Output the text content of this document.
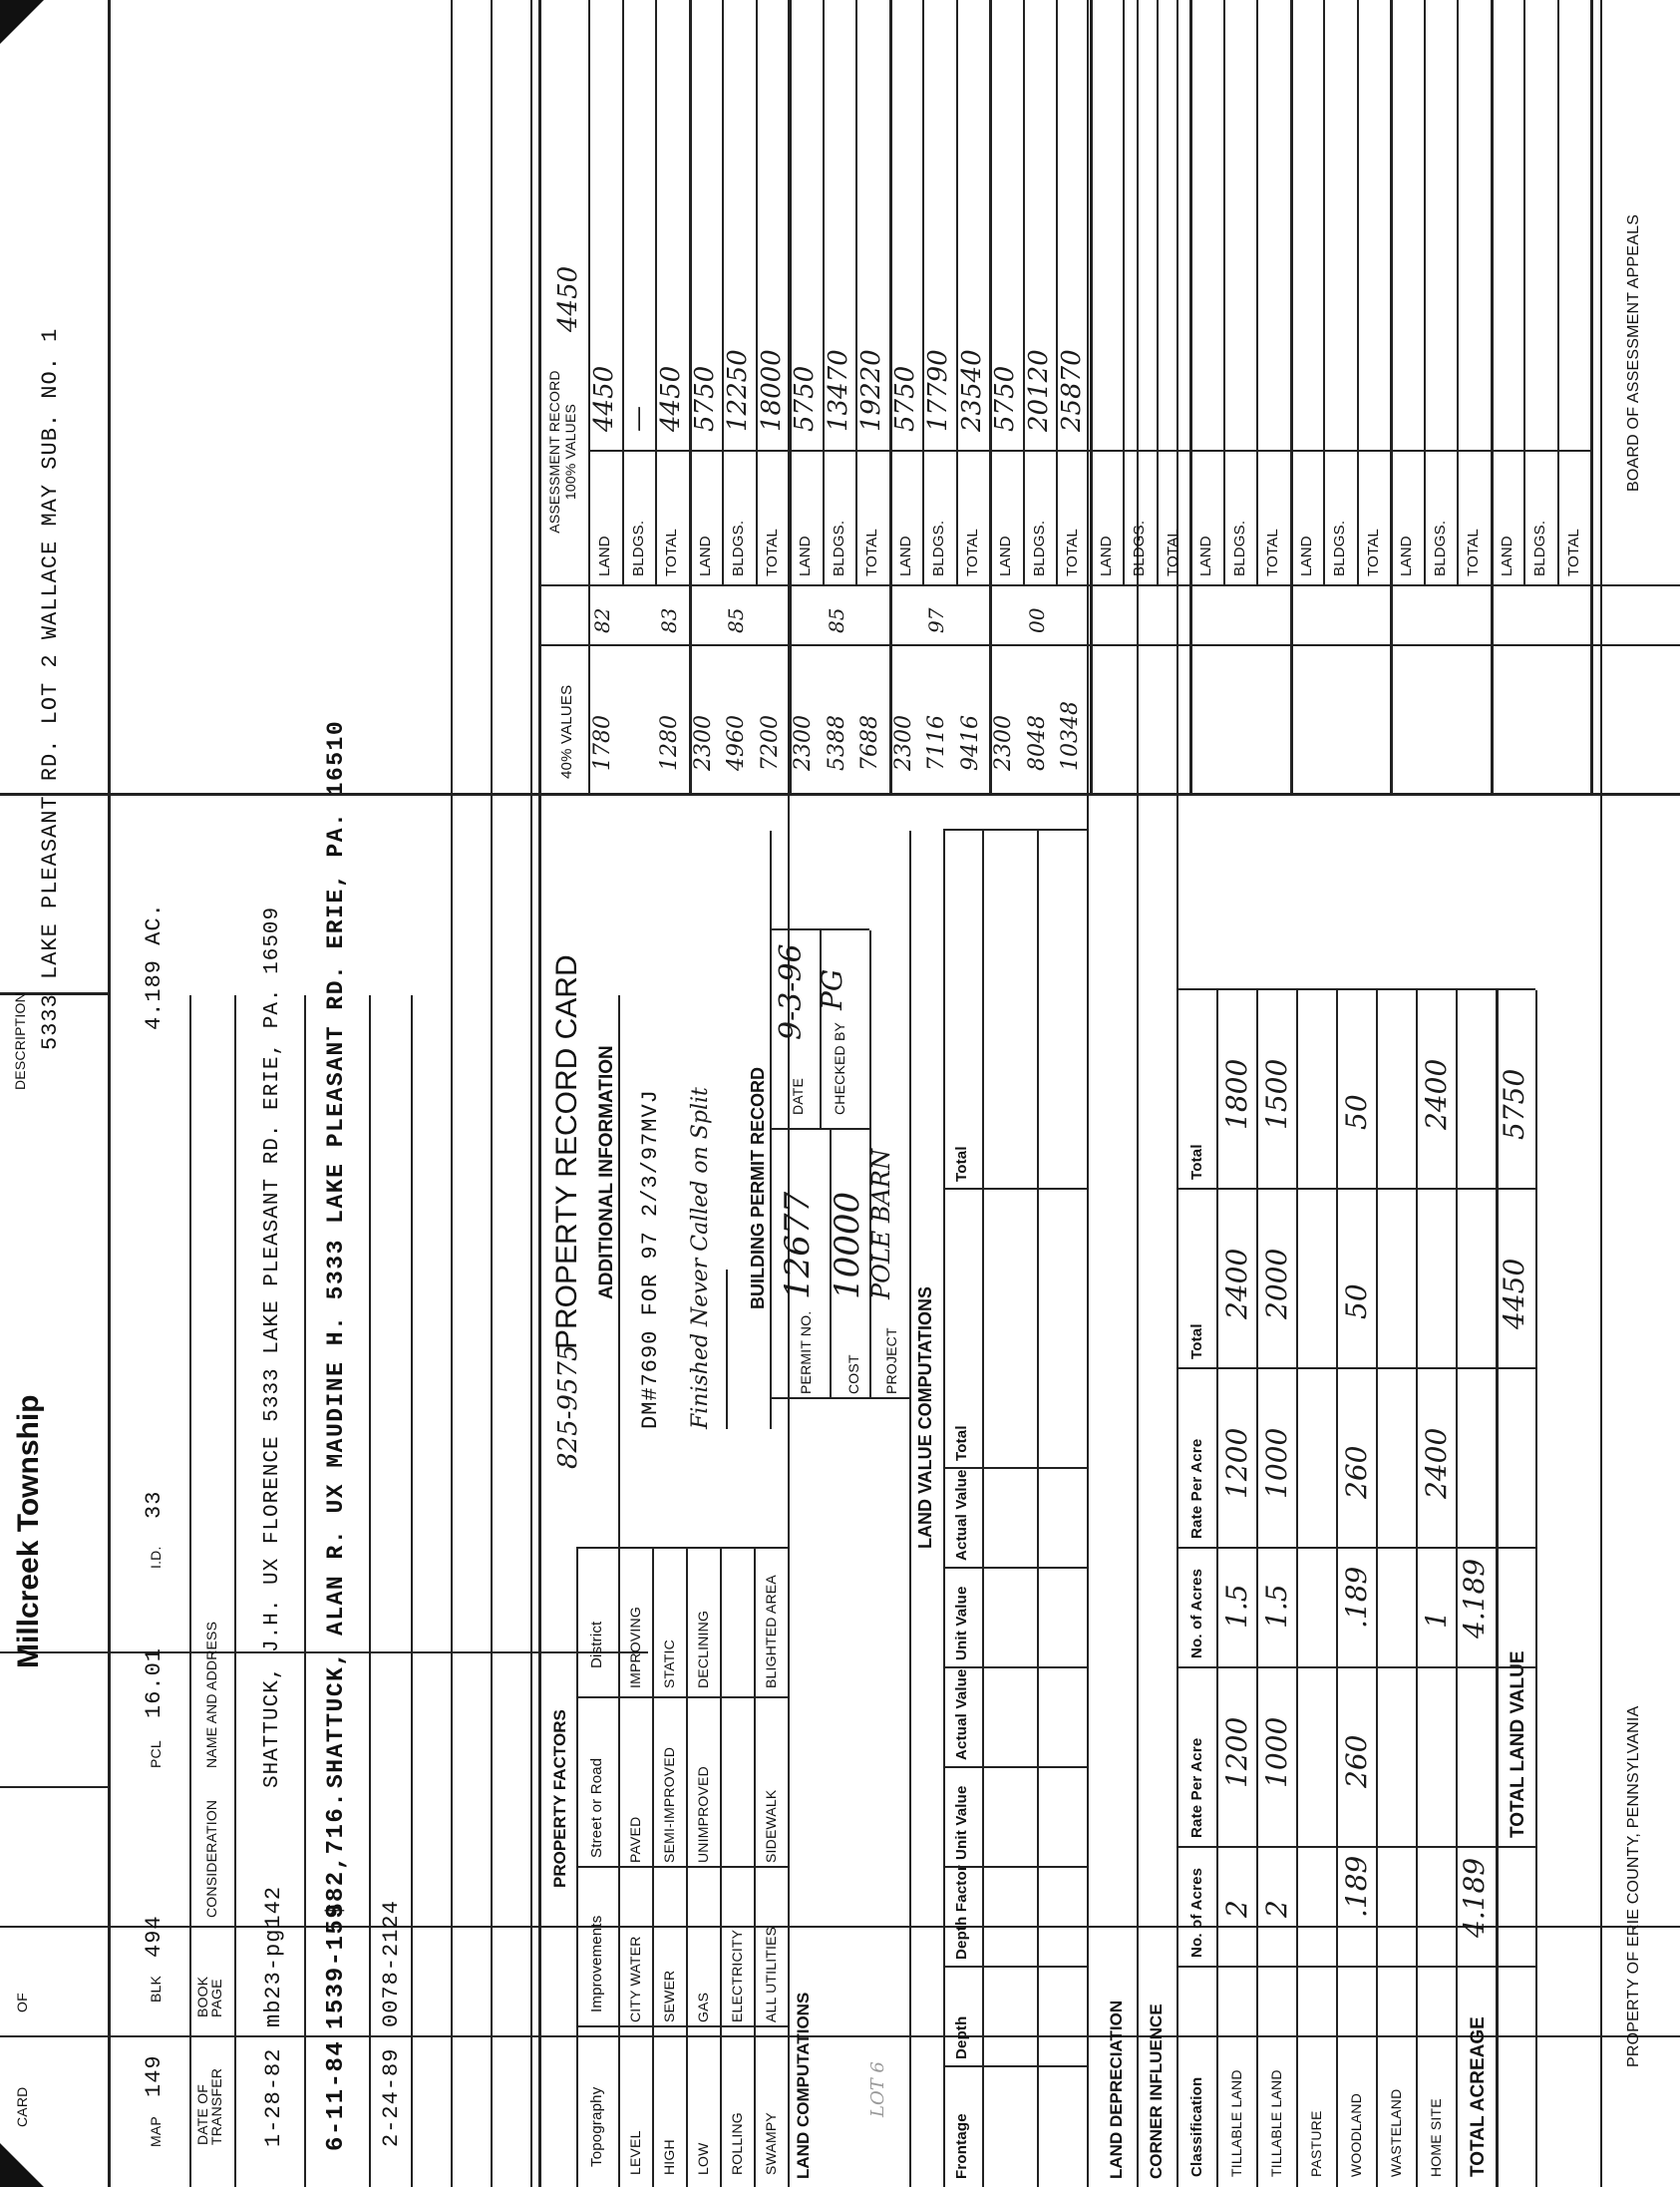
CARD
OF
Millcreek Township
DESCRIPTION 5333 LAKE PLEASANT RD. LOT 2 WALLACE MAY SUB. NO. 1
MAP
149
BLK
494
PCL
16.01
I.D.
33
4.189 AC.
DATE OF TRANSFER
BOOK PAGE
CONSIDERATION
NAME AND ADDRESS
1-28-82
mb23-pg142
SHATTUCK, J.H. UX FLORENCE 5333 LAKE PLEASANT RD. ERIE, PA. 16509
6-11-84
1539-159
$82,716.
SHATTUCK, ALAN R. UX MAUDINE H. 5333 LAKE PLEASANT RD. ERIE, PA. 16510
2-24-89
0078-2124
PROPERTY FACTORS
Topography
Improvements
Street or Road
District
LEVEL
CITY WATER
PAVED
IMPROVING
HIGH
SEWER
SEMI-IMPROVED
STATIC
LOW
GAS
UNIMPROVED
DECLINING
ROLLING
ELECTRICITY
SWAMPY
ALL UTILITIES
SIDEWALK
BLIGHTED AREA
LAND COMPUTATIONS	LOT 6
825-9575
PROPERTY RECORD CARD ADDITIONAL INFORMATION DM#7690 FOR 97 2/3/97MVJ Finished Never Called on Split BUILDING PERMIT RECORD
PERMIT NO.
12677
DATE
9-3-96
CHECKED BY
PG
COST
10000
PROJECT
POLE BARN
LAND VALUE COMPUTATIONS
Frontage
Depth
Depth Factor
Unit Value
Actual Value
Unit Value
Actual Value
Total
Total
LAND DEPRECIATION CORNER INFLUENCE Classification
No. of Acres
Rate Per Acre
No. of Acres
Rate Per Acre
Total
Total
TILLABLE LAND
2
1200
1.5
1200
2400
1800
TILLABLE LAND
2
1000
1.5
1000
2000
1500
PASTURE WOODLAND
.189
260
.189
260
50
50
WASTELAND HOME SITE
1
2400
2400
TOTAL ACREAGE
4.189
4.189
TOTAL LAND VALUE
4450
5750
40% VALUES
ASSESSMENT RECORD 100% VALUES
4450
LAND
1780
82
4450
BLDGS.
—
TOTAL
1280
83
4450
LAND
2300
5750
BLDGS.
4960
85
12250
TOTAL
7200
18000
LAND
2300
5750
BLDGS.
5388
85
13470
TOTAL
7688
19220
LAND
2300
5750
BLDGS.
7116
97
17790
TOTAL
9416
23540
LAND
2300
5750
BLDGS.
8048
00
20120
TOTAL
10348
25870
LAND BLDGS. TOTAL LAND BLDGS. TOTAL LAND BLDGS. TOTAL LAND BLDGS. TOTAL LAND BLDGS. TOTAL
PROPERTY OF ERIE COUNTY, PENNSYLVANIA
BOARD OF ASSESSMENT APPEALS
